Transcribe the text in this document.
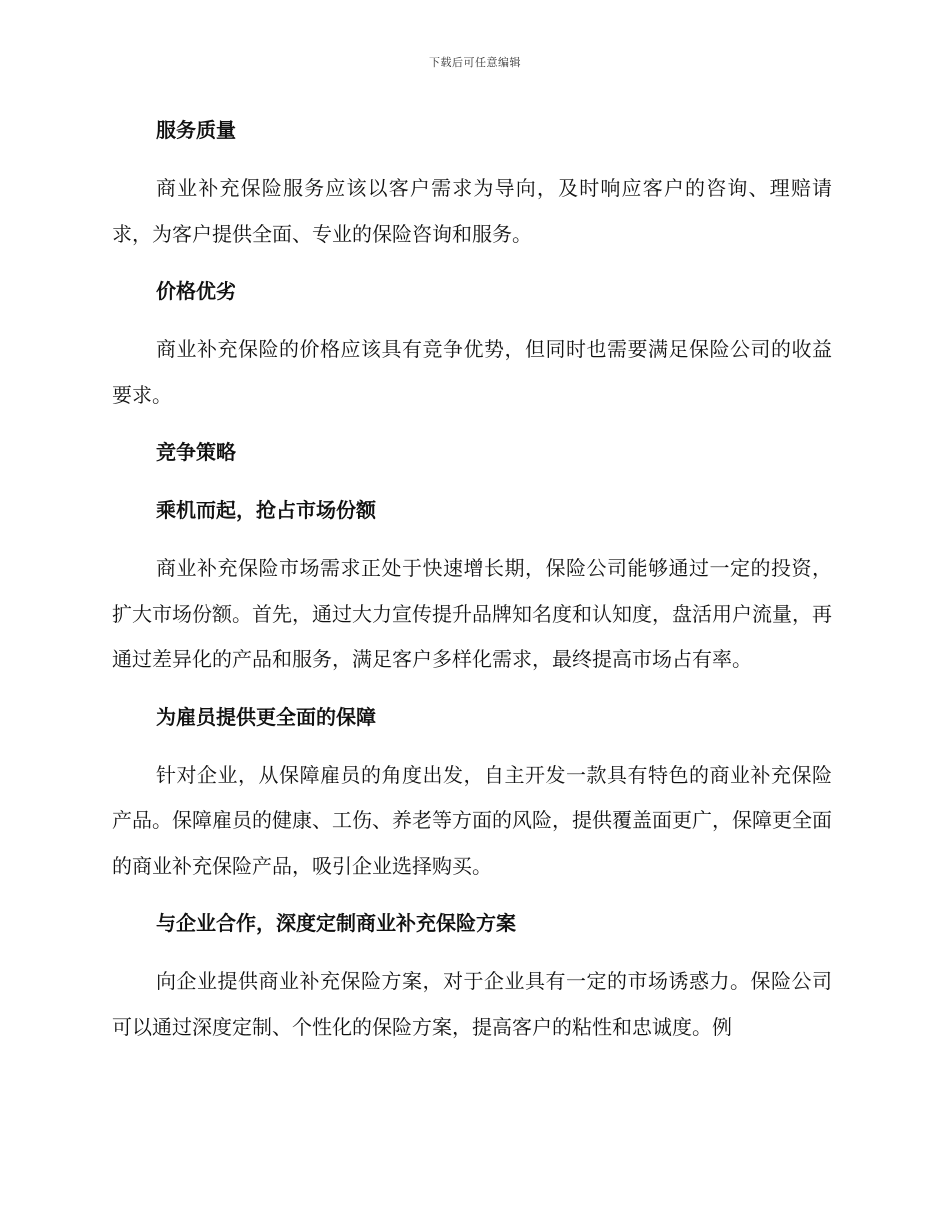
下载后可任意编辑

服务质量

商业补充保险服务应该以客户需求为导向，及时响应客户的咨询、理赔请求，为客户提供全面、专业的保险咨询和服务。

价格优劣

商业补充保险的价格应该具有竞争优势，但同时也需要满足保险公司的收益要求。

竞争策略

乘机而起，抢占市场份额

商业补充保险市场需求正处于快速增长期，保险公司能够通过一定的投资，扩大市场份额。首先，通过大力宣传提升品牌知名度和认知度，盘活用户流量，再通过差异化的产品和服务，满足客户多样化需求，最终提高市场占有率。

为雇员提供更全面的保障

针对企业，从保障雇员的角度出发，自主开发一款具有特色的商业补充保险产品。保障雇员的健康、工伤、养老等方面的风险，提供覆盖面更广，保障更全面的商业补充保险产品，吸引企业选择购买。

与企业合作，深度定制商业补充保险方案

向企业提供商业补充保险方案，对于企业具有一定的市场诱惑力。保险公司可以通过深度定制、个性化的保险方案，提高客户的粘性和忠诚度。例
